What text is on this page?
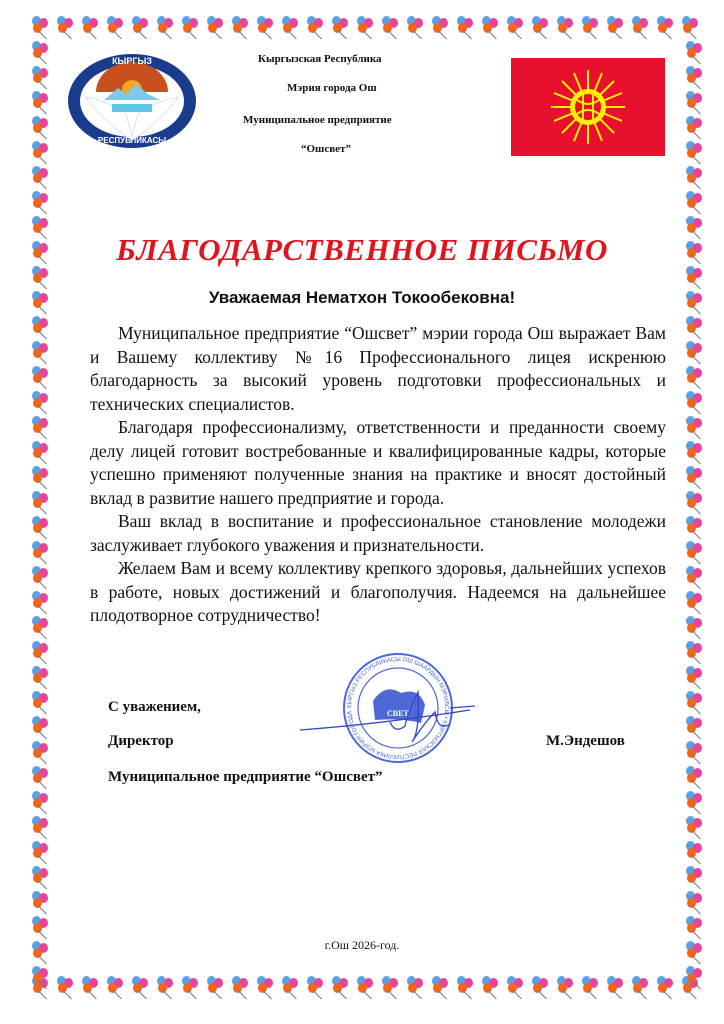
КЫРГЫЗ
РЕСПУБЛИКАСЫ
Кыргызская Республика
Мэрия города Ош
Муниципальное предприятие
“Ошсвет”
БЛАГОДАРСТВЕННОЕ ПИСЬМО
Уважаемая Нематхон Токообековна!

Муниципальное предприятие “Ошсвет” мэрии города Ош выражает Вам и Вашему коллективу №16 Профессионального лицея искренюю благодарность за высокий уровень подготовки профессиональных и технических специалистов.

Благодаря профессионализму, ответственности и преданности своему делу лицей готовит востребованные и квалифицированные кадры, которые успешно применяют полученные знания на практике и вносят достойный вклад в развитие нашего предприятие и города.

Ваш вклад в воспитание и профессиональное становление молодежи заслуживает глубокого уважения и признательности.

Желаем Вам и всему коллективу крепкого здоровья, дальнейших успехов в работе, новых достижений и благополучия. Надеемся на дальнейшее плодотворное сотрудничество!

С уважением,
Директор	М.Эндешов
Муниципальное предприятие “Ошсвет”
КЫРГЫЗ РЕСПУБЛИКАСЫ ОШ ШААРДЫН МЭРИЯСЫ • КЫРГЫЗСКАЯ РЕСПУБЛИКА МЭРИЯ ГОРОДА	СВЕТ
г.Ош 2026-год.
